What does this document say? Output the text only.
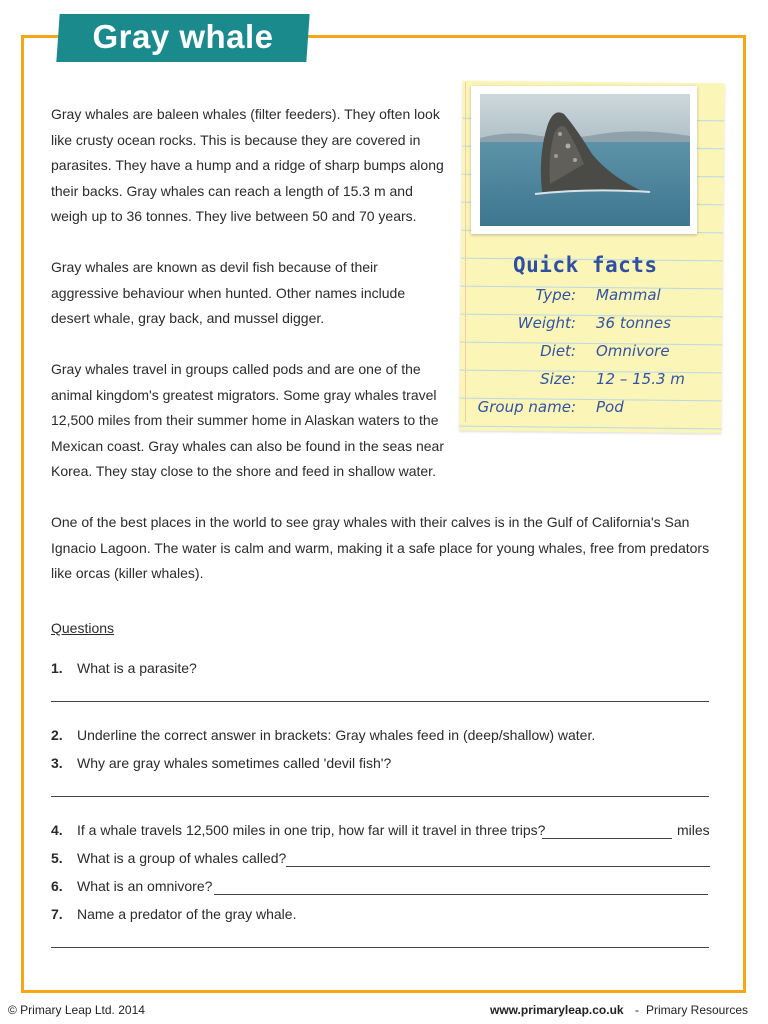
Gray whale
Gray whales are baleen whales (filter feeders). They often look like crusty ocean rocks. This is because they are covered in parasites. They have a hump and a ridge of sharp bumps along their backs. Gray whales can reach a length of 15.3 m and weigh up to 36 tonnes. They live between 50 and 70 years.
Gray whales are known as devil fish because of their aggressive behaviour when hunted. Other names include desert whale, gray back, and mussel digger.
Gray whales travel in groups called pods and are one of the animal kingdom's greatest migrators. Some gray whales travel 12,500 miles from their summer home in Alaskan waters to the Mexican coast. Gray whales can also be found in the seas near Korea. They stay close to the shore and feed in shallow water.
One of the best places in the world to see gray whales with their calves is in the Gulf of California's San Ignacio Lagoon. The water is calm and warm, making it a safe place for young whales, free from predators like orcas (killer whales).
Quick facts
Type: Mammal
Weight: 36 tonnes
Diet: Omnivore
Size: 12 – 15.3 m
Group name: Pod
Questions
1. What is a parasite?
2. Underline the correct answer in brackets: Gray whales feed in (deep/shallow) water.
3. Why are gray whales sometimes called 'devil fish'?
4. If a whale travels 12,500 miles in one trip, how far will it travel in three trips?	miles
5. What is a group of whales called?
6. What is an omnivore?
7. Name a predator of the gray whale.
© Primary Leap Ltd. 2014	www.primaryleap.co.uk - Primary Resources
